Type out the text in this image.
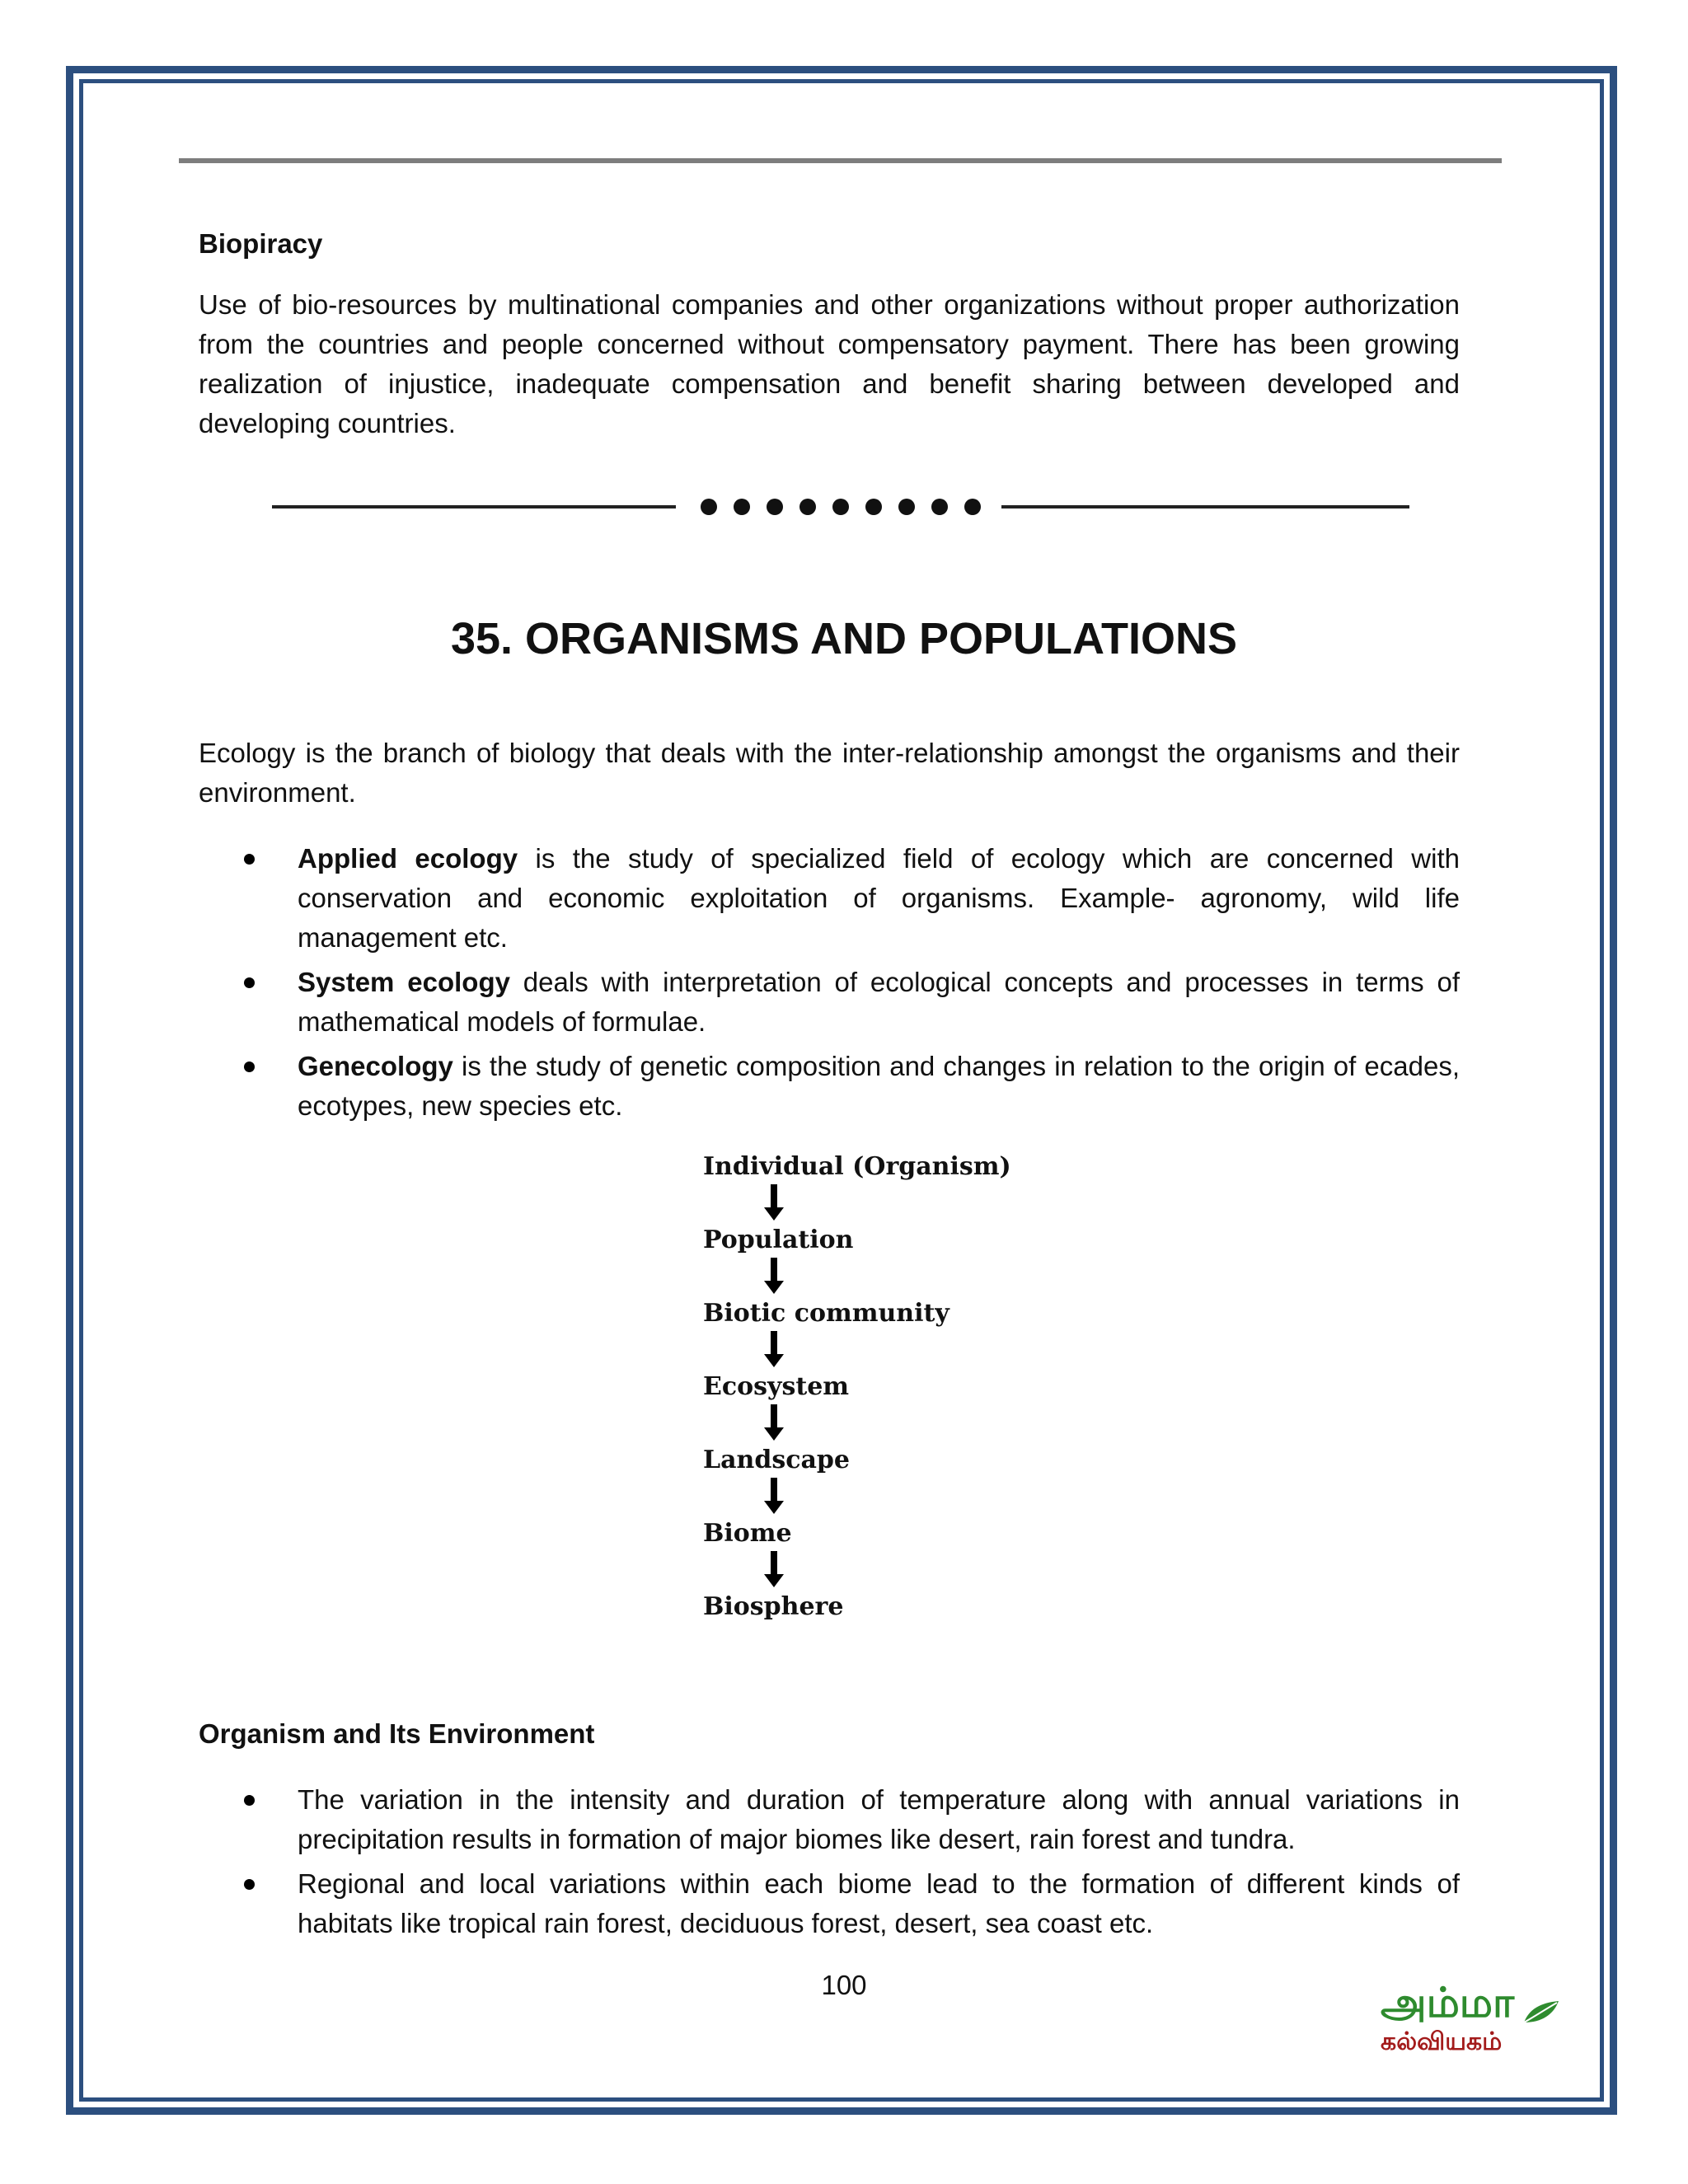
Biopiracy
Use of bio-resources by multinational companies and other organizations without proper authorization from the countries and people concerned without compensatory payment. There has been growing realization of injustice, inadequate compensation and benefit sharing between developed and developing countries.
35. ORGANISMS AND POPULATIONS
Ecology is the branch of biology that deals with the inter-relationship amongst the organisms and their environment.
Applied ecology is the study of specialized field of ecology which are concerned with conservation and economic exploitation of organisms. Example- agronomy, wild life management etc.
System ecology deals with interpretation of ecological concepts and processes in terms of mathematical models of formulae.
Genecology is the study of genetic composition and changes in relation to the origin of ecades, ecotypes, new species etc.
Individual (Organism)
Population
Biotic community
Ecosystem
Landscape
Biome
Biosphere
Organism and Its Environment
The variation in the intensity and duration of temperature along with annual variations in precipitation results in formation of major biomes like desert, rain forest and tundra.
Regional and local variations within each biome lead to the formation of different kinds of habitats like tropical rain forest, deciduous forest, desert, sea coast etc.
100	அம்மா
கல்வியகம்
